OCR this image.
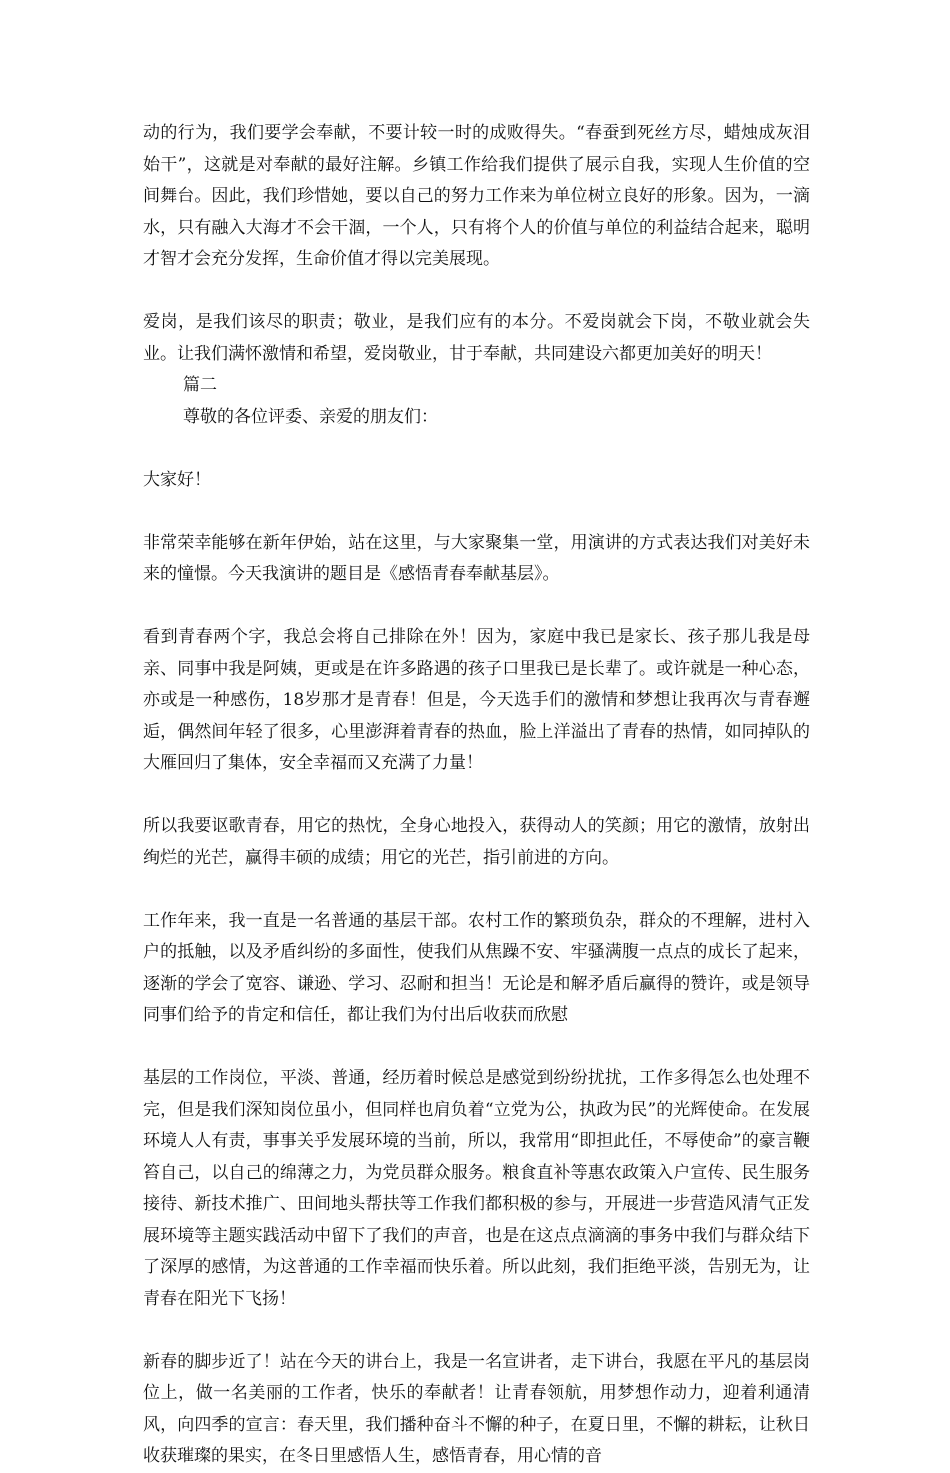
动的行为，我们要学会奉献，不要计较一时的成败得失。“春蚕到死丝方尽，蜡烛成灰泪始干”，这就是对奉献的最好注解。乡镇工作给我们提供了展示自我，实现人生价值的空间舞台。因此，我们珍惜她，要以自己的努力工作来为单位树立良好的形象。因为，一滴水，只有融入大海才不会干涸，一个人，只有将个人的价值与单位的利益结合起来，聪明才智才会充分发挥，生命价值才得以完美展现。

爱岗，是我们该尽的职责；敬业，是我们应有的本分。不爱岗就会下岗，不敬业就会失业。让我们满怀激情和希望，爱岗敬业，甘于奉献，共同建设六都更加美好的明天！

篇二

尊敬的各位评委、亲爱的朋友们：

大家好！

非常荣幸能够在新年伊始，站在这里，与大家聚集一堂，用演讲的方式表达我们对美好未来的憧憬。今天我演讲的题目是《感悟青春奉献基层》。

看到青春两个字，我总会将自己排除在外！因为，家庭中我已是家长、孩子那儿我是母亲、同事中我是阿姨，更或是在许多路遇的孩子口里我已是长辈了。或许就是一种心态，亦或是一种感伤，18岁那才是青春！但是，今天选手们的激情和梦想让我再次与青春邂逅，偶然间年轻了很多，心里澎湃着青春的热血，脸上洋溢出了青春的热情，如同掉队的大雁回归了集体，安全幸福而又充满了力量！

所以我要讴歌青春，用它的热忱，全身心地投入，获得动人的笑颜；用它的激情，放射出绚烂的光芒，赢得丰硕的成绩；用它的光芒，指引前进的方向。

工作年来，我一直是一名普通的基层干部。农村工作的繁琐负杂，群众的不理解，进村入户的抵触，以及矛盾纠纷的多面性，使我们从焦躁不安、牢骚满腹一点点的成长了起来，逐渐的学会了宽容、谦逊、学习、忍耐和担当！无论是和解矛盾后赢得的赞许，或是领导同事们给予的肯定和信任，都让我们为付出后收获而欣慰

基层的工作岗位，平淡、普通，经历着时候总是感觉到纷纷扰扰，工作多得怎么也处理不完，但是我们深知岗位虽小，但同样也肩负着“立党为公，执政为民”的光辉使命。在发展环境人人有责，事事关乎发展环境的当前，所以，我常用“即担此任，不辱使命”的豪言鞭笞自己，以自己的绵薄之力，为党员群众服务。粮食直补等惠农政策入户宣传、民生服务接待、新技术推广、田间地头帮扶等工作我们都积极的参与，开展进一步营造风清气正发展环境等主题实践活动中留下了我们的声音，也是在这点点滴滴的事务中我们与群众结下了深厚的感情，为这普通的工作幸福而快乐着。所以此刻，我们拒绝平淡，告别无为，让青春在阳光下飞扬！

新春的脚步近了！站在今天的讲台上，我是一名宣讲者，走下讲台，我愿在平凡的基层岗位上，做一名美丽的工作者，快乐的奉献者！让青春领航，用梦想作动力，迎着利通清风，向四季的宣言：春天里，我们播种奋斗不懈的种子，在夏日里，不懈的耕耘，让秋日收获璀璨的果实，在冬日里感悟人生，感悟青春，用心情的音
